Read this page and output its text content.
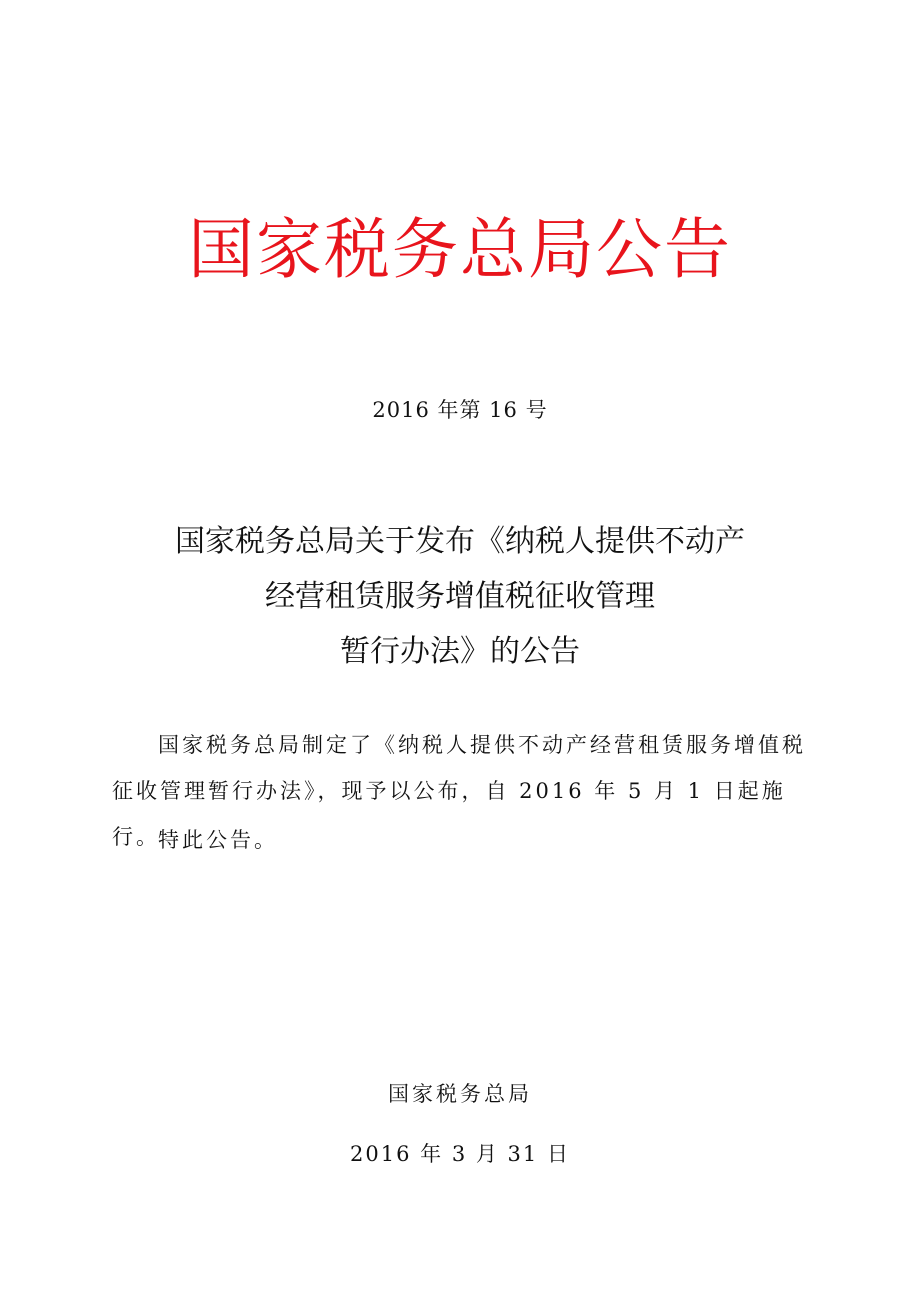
国家税务总局公告
2016 年第 16 号
国家税务总局关于发布《纳税人提供不动产
经营租赁服务增值税征收管理
暂行办法》的公告

国家税务总局制定了《纳税人提供不动产经营租赁服务增值税征收管理暂行办法》，现予以公布，自 2016 年 5 月 1 日起施行。

特此公告。
国家税务总局
2016 年 3 月 31 日
